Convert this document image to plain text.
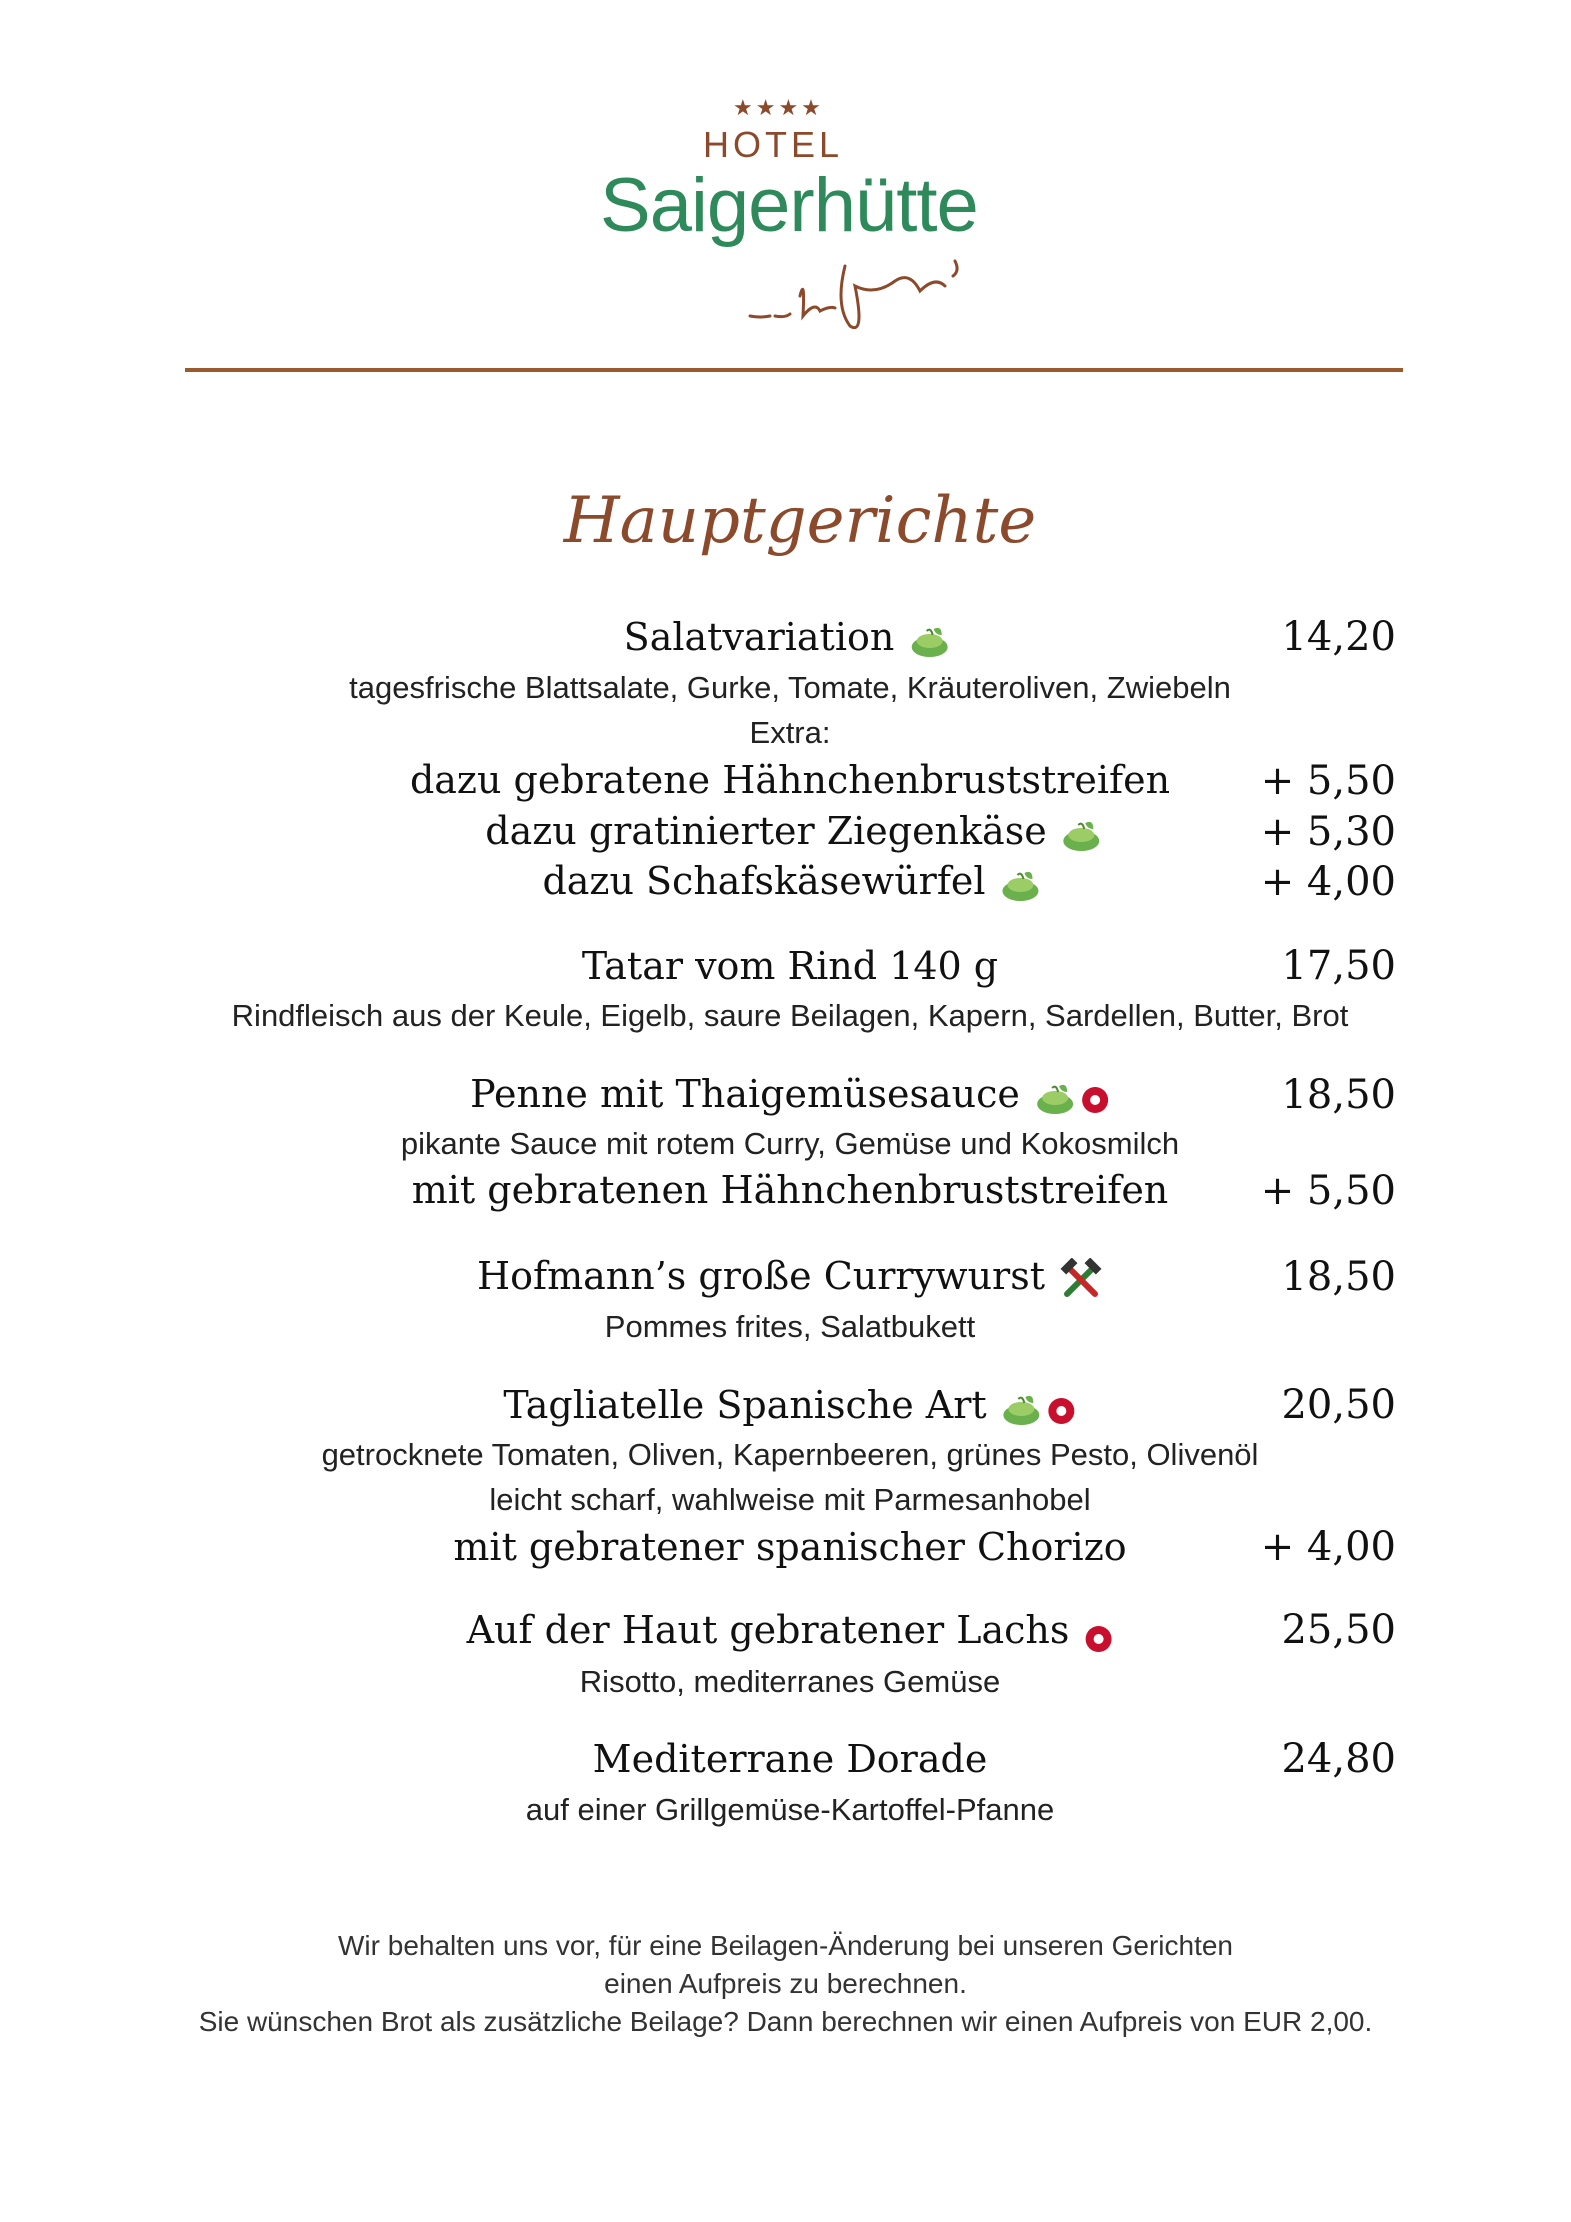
★★★★
HOTEL
Saigerhütte
Hauptgerichte
Salatvariation	14,20
tagesfrische Blattsalate, Gurke, Tomate, Kräuteroliven, Zwiebeln
Extra:
dazu gebratene Hähnchenbruststreifen + 5,50
dazu gratinierter Ziegenkäse	+ 5,30
dazu Schafskäsewürfel	+ 4,00
Tatar vom Rind 140 g	17,50
Rindfleisch aus der Keule, Eigelb, saure Beilagen, Kapern, Sardellen, Butter, Brot
Penne mit Thaigemüsesauce	18,50
pikante Sauce mit rotem Curry, Gemüse und Kokosmilch
mit gebratenen Hähnchenbruststreifen + 5,50
Hofmann’s große Currywurst	18,50
Pommes frites, Salatbukett
Tagliatelle Spanische Art	20,50
getrocknete Tomaten, Oliven, Kapernbeeren, grünes Pesto, Olivenöl
leicht scharf, wahlweise mit Parmesanhobel
mit gebratener spanischer Chorizo	+ 4,00
Auf der Haut gebratener Lachs	25,50
Risotto, mediterranes Gemüse
Mediterrane Dorade	24,80
auf einer Grillgemüse-Kartoffel-Pfanne
Wir behalten uns vor, für eine Beilagen-Änderung bei unseren Gerichten
einen Aufpreis zu berechnen.
Sie wünschen Brot als zusätzliche Beilage? Dann berechnen wir einen Aufpreis von EUR 2,00.
